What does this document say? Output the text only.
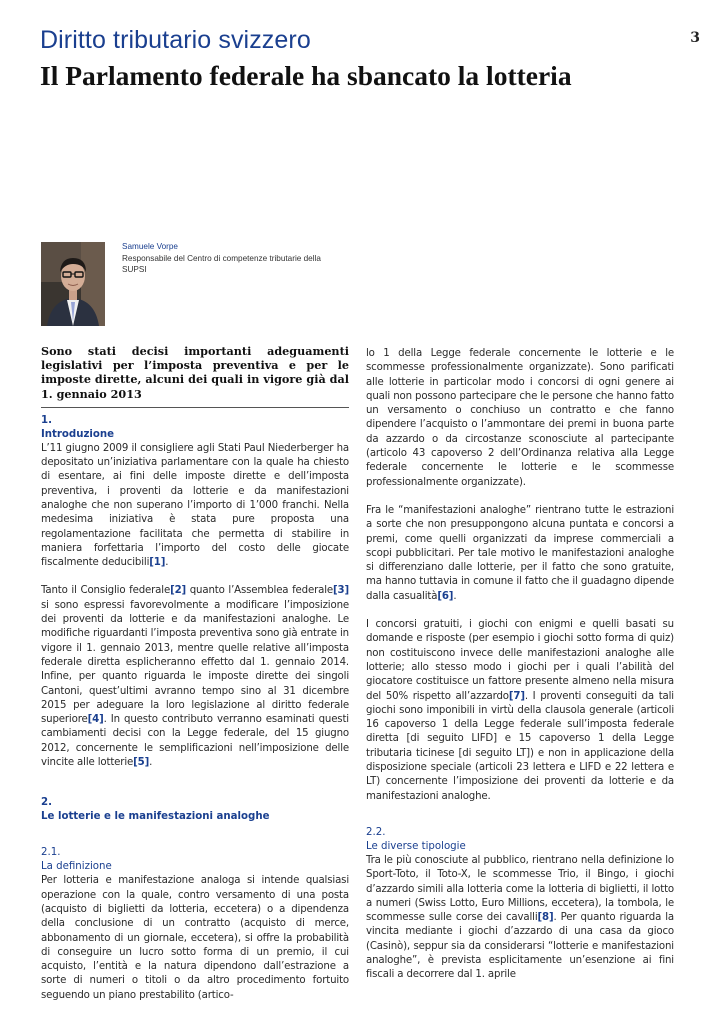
3
Diritto tributario svizzero
Il Parlamento federale ha sbancato la lotteria
Samuele Vorpe
Responsabile del Centro di competenze tributarie della SUPSI
Sono stati decisi importanti adeguamenti legislativi per l’imposta preventiva e per le imposte dirette, alcuni dei quali in vigore già dal 1. gennaio 2013
1.
Introduzione

L’11 giugno 2009 il consigliere agli Stati Paul Niederberger ha depositato un’iniziativa parlamentare con la quale ha chiesto di esentare, ai fini delle imposte dirette e dell’imposta preventiva, i proventi da lotterie e da manifestazioni analoghe che non superano l’importo di 1’000 franchi. Nella medesima iniziativa è stata pure proposta una regolamentazione facilitata che permetta di stabilire in maniera forfettaria l’importo del costo delle giocate fiscalmente deducibili[1].

Tanto il Consiglio federale[2] quanto l’Assemblea federale[3] si sono espressi favorevolmente a modificare l’imposizione dei proventi da lotterie e da manifestazioni analoghe. Le modifiche riguardanti l’imposta preventiva sono già entrate in vigore il 1. gennaio 2013, mentre quelle relative all’imposta federale diretta esplicheranno effetto dal 1. gennaio 2014. Infine, per quanto riguarda le imposte dirette dei singoli Cantoni, quest’ultimi avranno tempo sino al 31 dicembre 2015 per adeguare la loro legislazione al diritto federale superiore[4]. In questo contributo verranno esaminati questi cambiamenti decisi con la Legge federale, del 15 giugno 2012, concernente le semplificazioni nell’imposizione delle vincite alle lotterie[5].

2.
Le lotterie e le manifestazioni analoghe
2.1.
La definizione

Per lotteria e manifestazione analoga si intende qualsiasi operazione con la quale, contro versamento di una posta (acquisto di biglietti da lotteria, eccetera) o a dipendenza della conclusione di un contratto (acquisto di merce, abbonamento di un giornale, eccetera), si offre la probabilità di conseguire un lucro sotto forma di un premio, il cui acquisto, l’entità e la natura dipendono dall’estrazione a sorte di numeri o titoli o da altro procedimento fortuito seguendo un piano prestabilito (artico-

lo 1 della Legge federale concernente le lotterie e le scommesse professionalmente organizzate). Sono parificati alle lotterie in particolar modo i concorsi di ogni genere ai quali non possono partecipare che le persone che hanno fatto un versamento o conchiuso un contratto e che fanno dipendere l’acquisto o l’ammontare dei premi in buona parte da azzardo o da circostanze sconosciute al partecipante (articolo 43 capoverso 2 dell’Ordinanza relativa alla Legge federale concernente le lotterie e le scommesse professionalmente organizzate).

Fra le “manifestazioni analoghe” rientrano tutte le estrazioni a sorte che non presuppongono alcuna puntata e concorsi a premi, come quelli organizzati da imprese commerciali a scopi pubblicitari. Per tale motivo le manifestazioni analoghe si differenziano dalle lotterie, per il fatto che sono gratuite, ma hanno tuttavia in comune il fatto che il guadagno dipende dalla casualità[6].

I concorsi gratuiti, i giochi con enigmi e quelli basati su domande e risposte (per esempio i giochi sotto forma di quiz) non costituiscono invece delle manifestazioni analoghe alle lotterie; allo stesso modo i giochi per i quali l’abilità del giocatore costituisce un fattore presente almeno nella misura del 50% rispetto all’azzardo[7]. I proventi conseguiti da tali giochi sono imponibili in virtù della clausola generale (articoli 16 capoverso 1 della Legge federale sull’imposta federale diretta [di seguito LIFD] e 15 capoverso 1 della Legge tributaria ticinese [di seguito LT]) e non in applicazione della disposizione speciale (articoli 23 lettera e LIFD e 22 lettera e LT) concernente l’imposizione dei proventi da lotterie e da manifestazioni analoghe.

2.2.
Le diverse tipologie

Tra le più conosciute al pubblico, rientrano nella definizione lo Sport-Toto, il Toto-X, le scommesse Trio, il Bingo, i giochi d’azzardo simili alla lotteria come la lotteria di biglietti, il lotto a numeri (Swiss Lotto, Euro Millions, eccetera), la tombola, le scommesse sulle corse dei cavalli[8]. Per quanto riguarda la vincita mediante i giochi d’azzardo di una casa da gioco (Casinò), seppur sia da considerarsi “lotterie e manifestazioni analoghe”, è prevista esplicitamente un’esenzione ai fini fiscali a decorrere dal 1. aprile
